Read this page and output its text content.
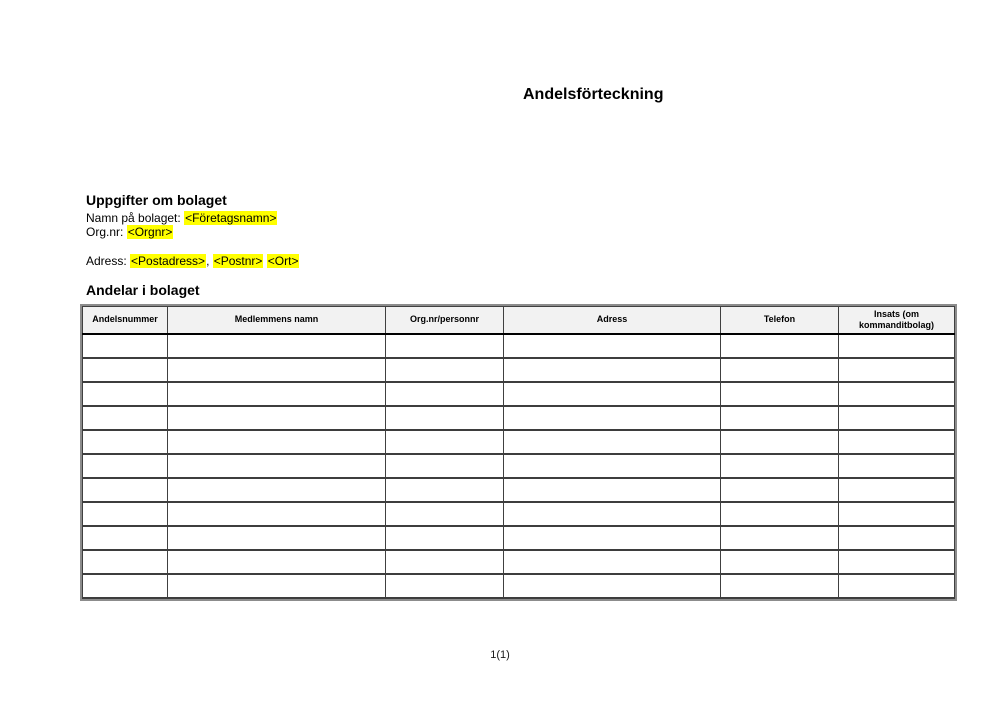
Andelsförteckning
Uppgifter om bolaget
Namn på bolaget: <Företagsnamn>
Org.nr: <Orgnr>
Adress: <Postadress>, <Postnr> <Ort>
Andelar i bolaget
Andelsnummer	Medlemmens namn	Org.nr/personnr	Adress	Telefon	Insats (om kommanditbolag)

1(1)
